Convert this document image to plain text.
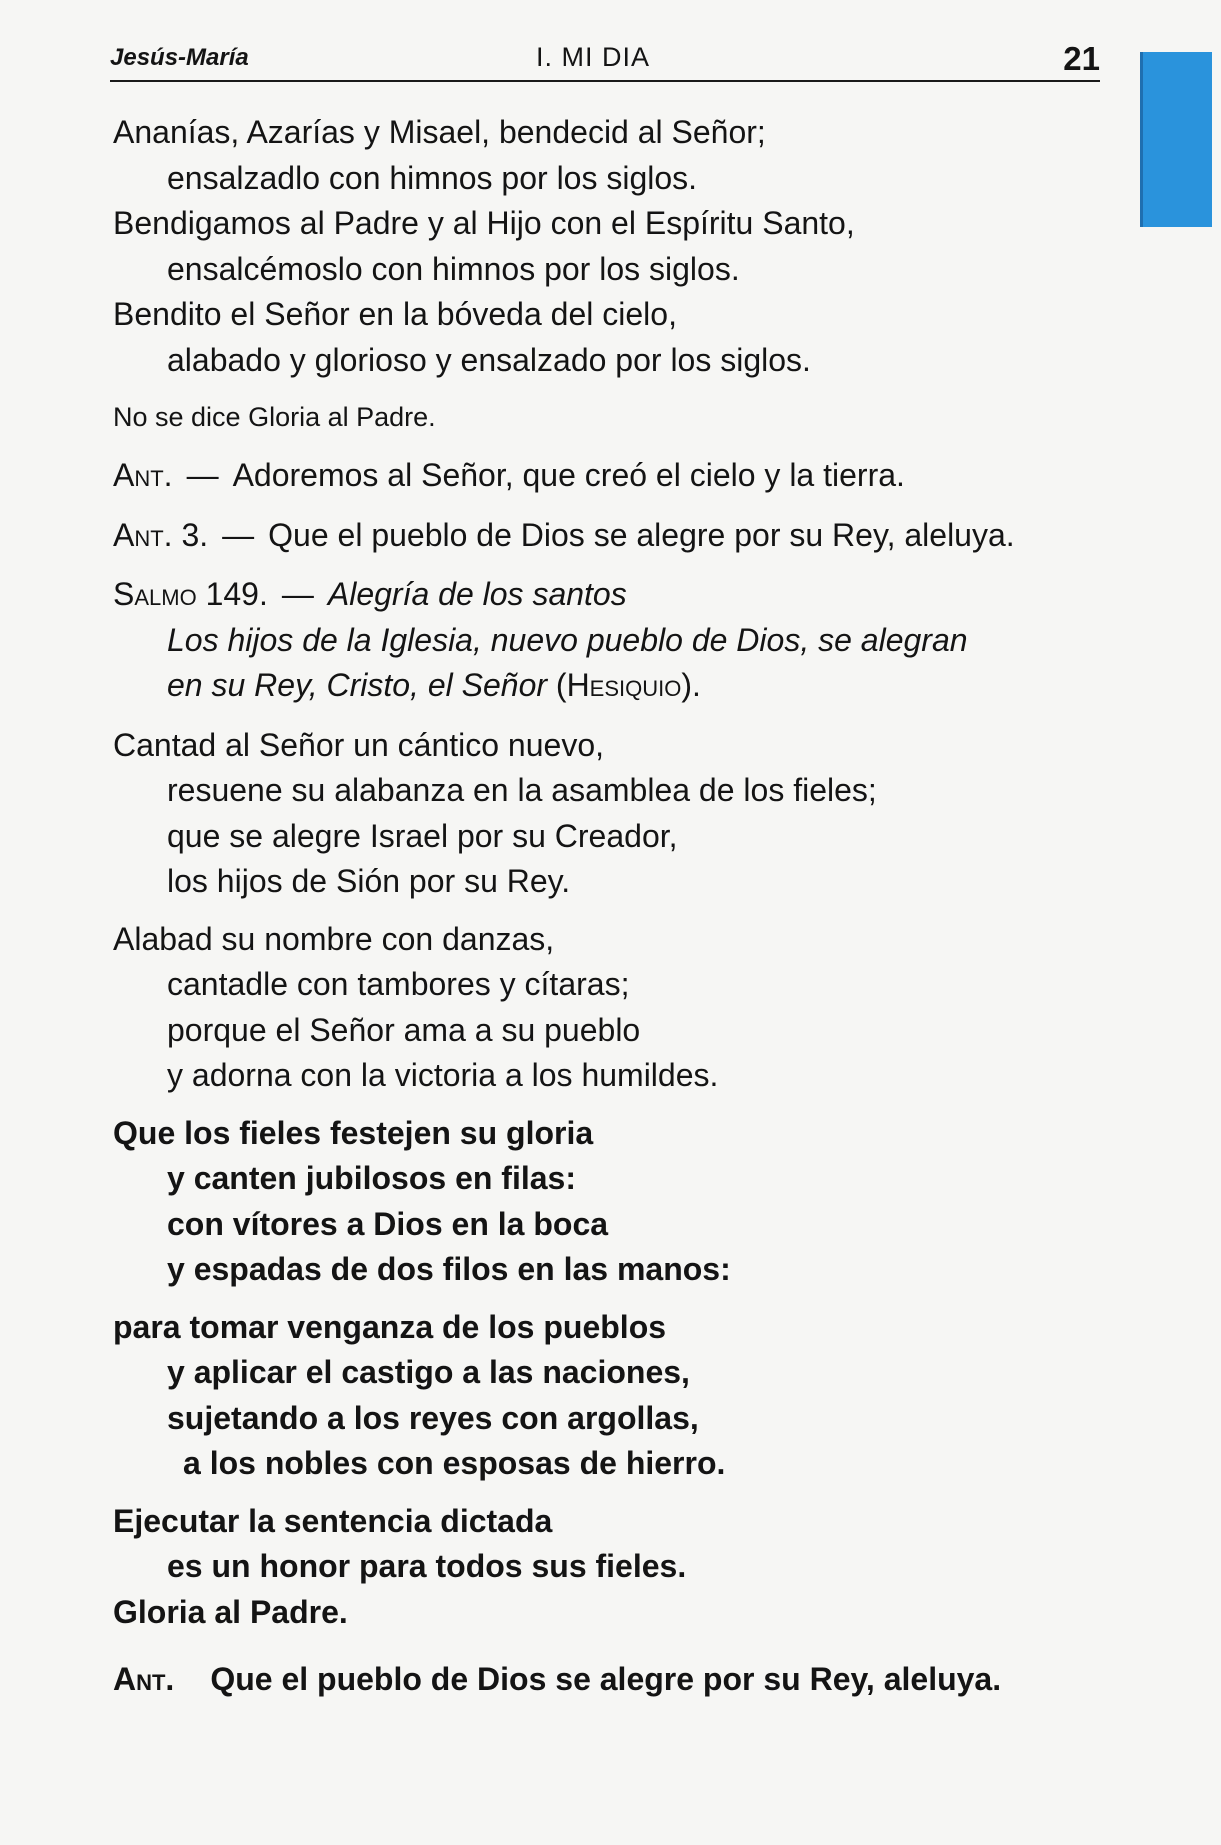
Jesús-María	I. MI DIA	21
Ananías, Azarías y Misael, bendecid al Señor;
ensalzadlo con himnos por los siglos.
Bendigamos al Padre y al Hijo con el Espíritu Santo,
ensalcémoslo con himnos por los siglos.
Bendito el Señor en la bóveda del cielo,
alabado y glorioso y ensalzado por los siglos.
No se dice Gloria al Padre.
Ant. — Adoremos al Señor, que creó el cielo y la tierra.
Ant. 3. — Que el pueblo de Dios se alegre por su Rey, aleluya.
Salmo 149. — Alegría de los santos
Los hijos de la Iglesia, nuevo pueblo de Dios, se alegran
en su Rey, Cristo, el Señor (Hesiquio).
Cantad al Señor un cántico nuevo,
resuene su alabanza en la asamblea de los fieles;
que se alegre Israel por su Creador,
los hijos de Sión por su Rey.
Alabad su nombre con danzas,
cantadle con tambores y cítaras;
porque el Señor ama a su pueblo
y adorna con la victoria a los humildes.
Que los fieles festejen su gloria
y canten jubilosos en filas:
con vítores a Dios en la boca
y espadas de dos filos en las manos:
para tomar venganza de los pueblos
y aplicar el castigo a las naciones,
sujetando a los reyes con argollas,
a los nobles con esposas de hierro.
Ejecutar la sentencia dictada
es un honor para todos sus fieles.
Gloria al Padre.
Ant. Que el pueblo de Dios se alegre por su Rey, aleluya.
